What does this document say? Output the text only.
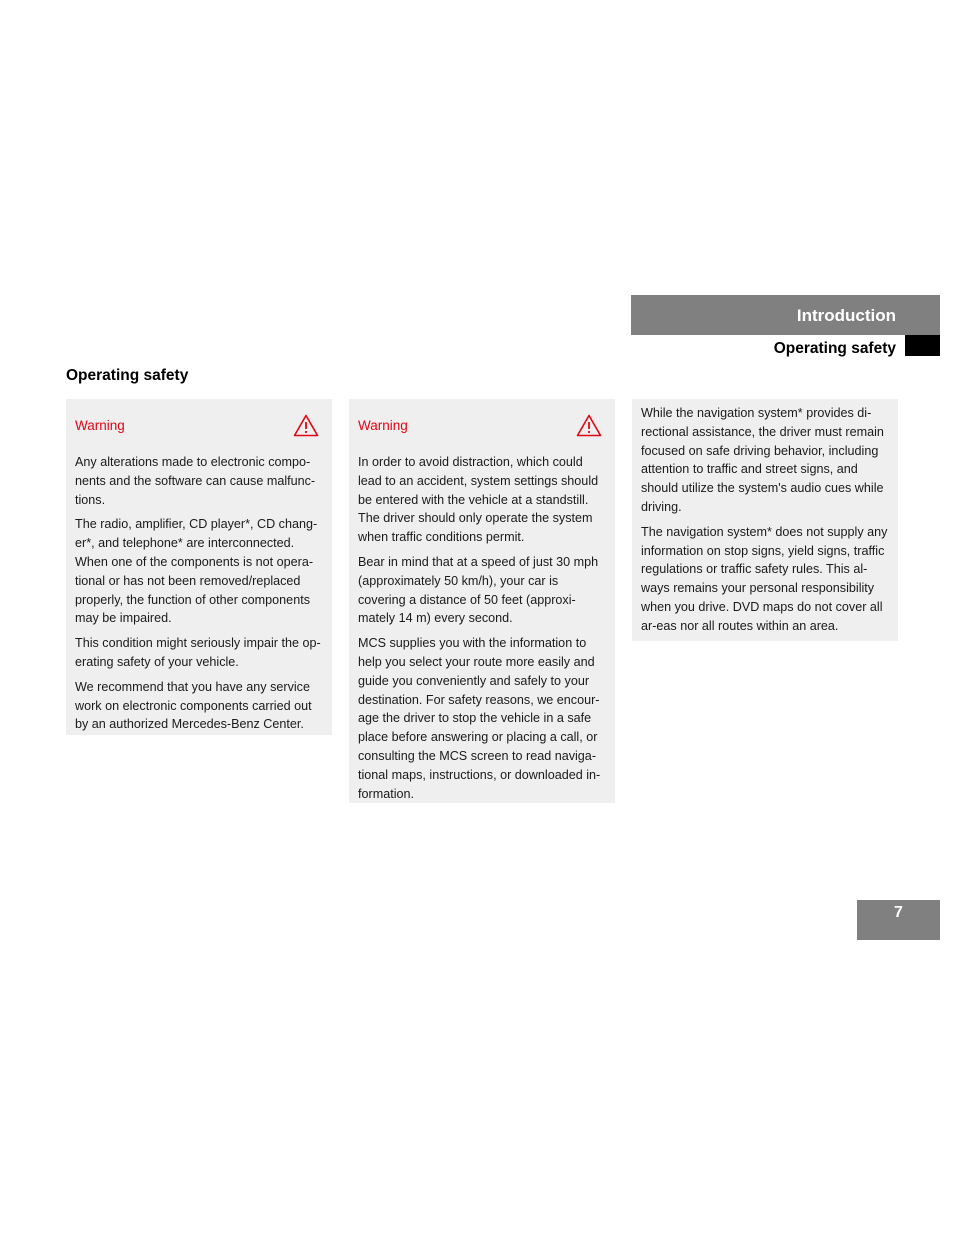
Introduction
Operating safety
Operating safety
Warning

Any alterations made to electronic compo-nents and the software can cause malfunc-tions.

The radio, amplifier, CD player*, CD chang-er*, and telephone* are interconnected. When one of the components is not opera-tional or has not been removed/replaced properly, the function of other components may be impaired.

This condition might seriously impair the op-erating safety of your vehicle.

We recommend that you have any service work on electronic components carried out by an authorized Mercedes-Benz Center.

Warning

In order to avoid distraction, which could lead to an accident, system settings should be entered with the vehicle at a standstill. The driver should only operate the system when traffic conditions permit.

Bear in mind that at a speed of just 30 mph (approximately 50 km/h), your car is covering a distance of 50 feet (approxi-mately 14 m) every second.

MCS supplies you with the information to help you select your route more easily and guide you conveniently and safely to your destination. For safety reasons, we encour-age the driver to stop the vehicle in a safe place before answering or placing a call, or consulting the MCS screen to read naviga-tional maps, instructions, or downloaded in-formation.

While the navigation system* provides di-rectional assistance, the driver must remain focused on safe driving behavior, including attention to traffic and street signs, and should utilize the system's audio cues while driving.

The navigation system* does not supply any information on stop signs, yield signs, traffic regulations or traffic safety rules. This al-ways remains your personal responsibility when you drive. DVD maps do not cover all ar-eas nor all routes within an area.

7
